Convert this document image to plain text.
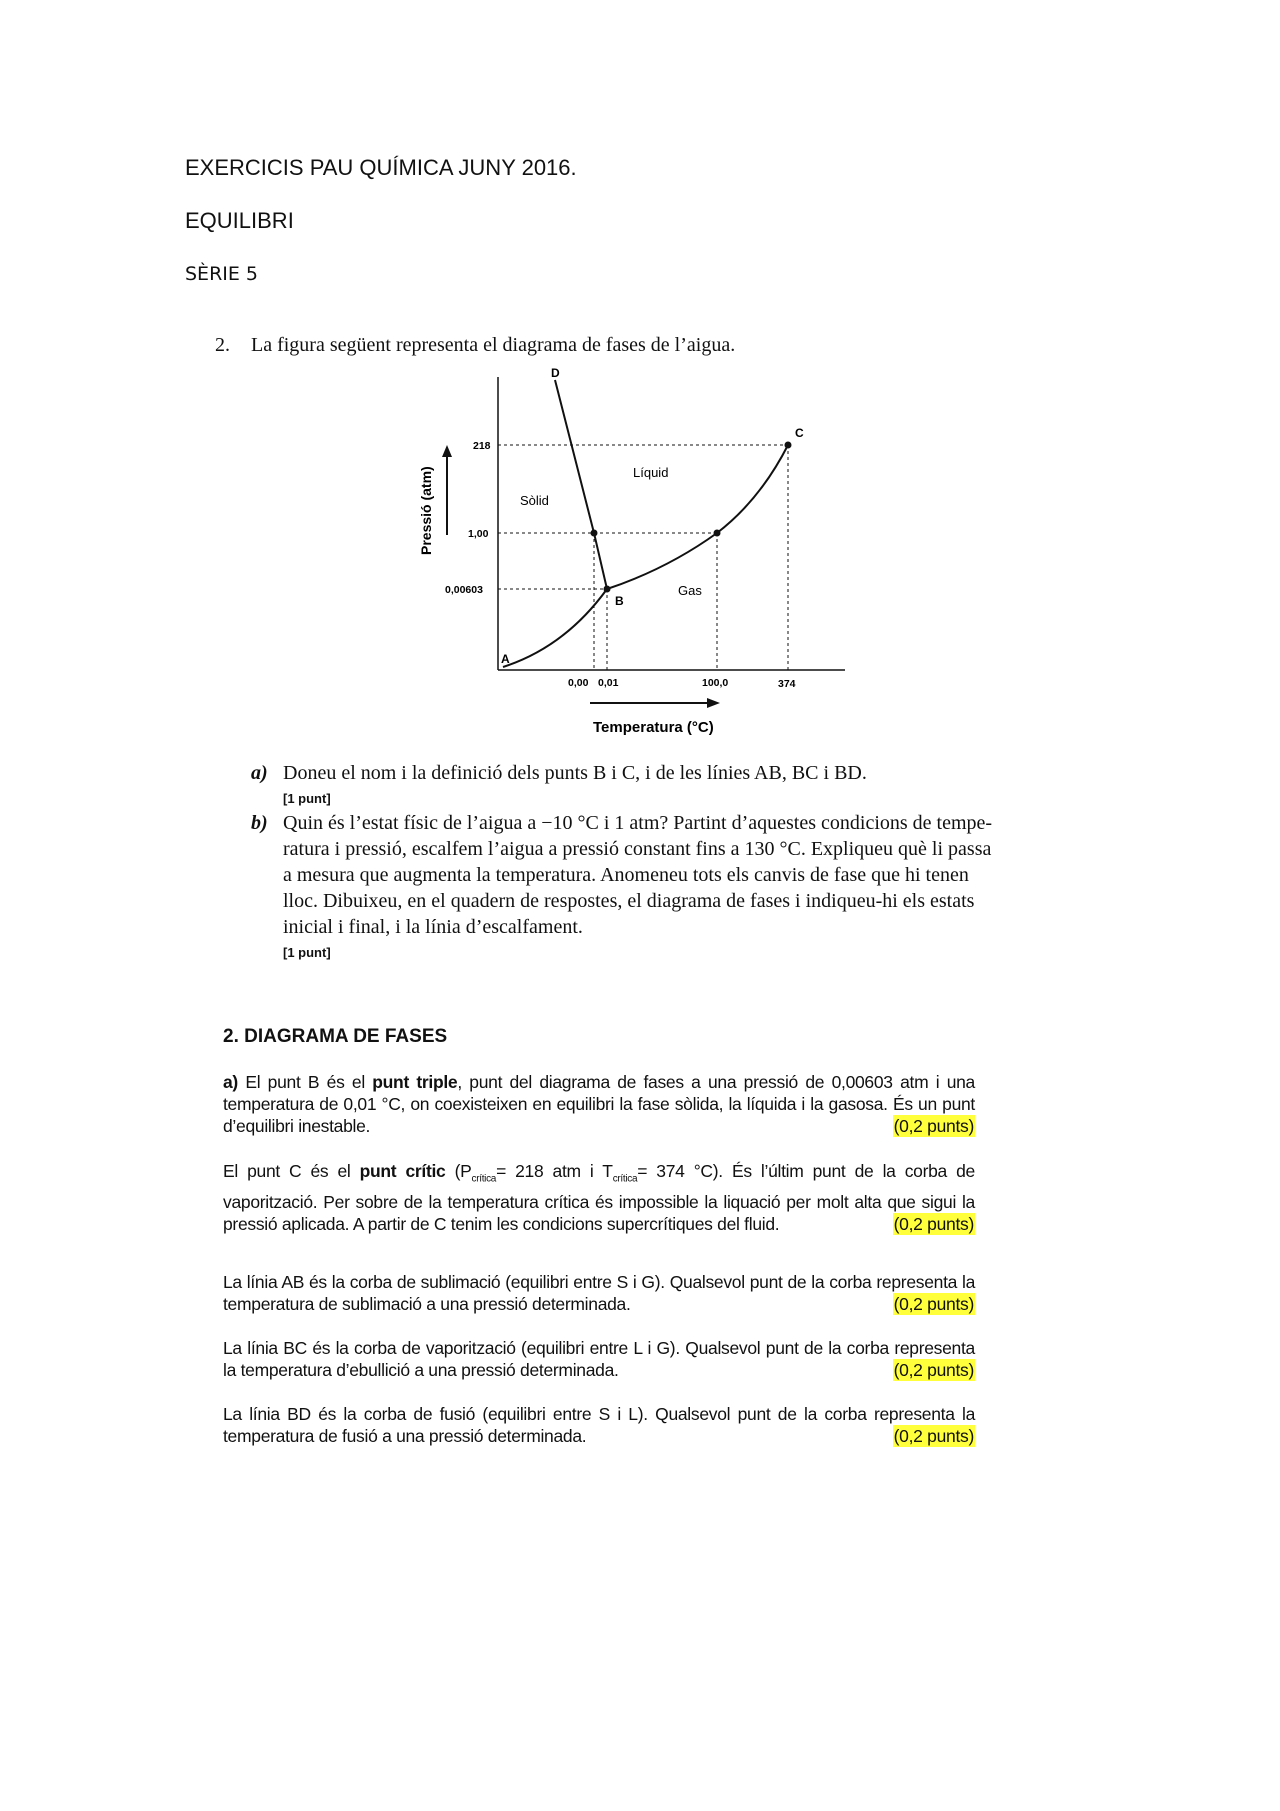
EXERCICIS PAU QUÍMICA JUNY 2016.
EQUILIBRI
SÈRIE 5
2. La figura següent representa el diagrama de fases de l’aigua.
D
C
B
A
Sòlid
Líquid
Gas
218
1,00
0,00603
0,00 0,01	100,0	374
Pressió (atm)
Temperatura (°C)
a) Doneu el nom i la definició dels punts B i C, i de les línies AB, BC i BD.
[1 punt]
b) Quin és l’estat físic de l’aigua a −10 °C i 1 atm? Partint d’aquestes condicions de tempe-
ratura i pressió, escalfem l’aigua a pressió constant fins a 130 °C. Expliqueu què li passa
a mesura que augmenta la temperatura. Anomeneu tots els canvis de fase que hi tenen
lloc. Dibuixeu, en el quadern de respostes, el diagrama de fases i indiqueu-hi els estats
inicial i final, i la línia d’escalfament.
[1 punt]
2. DIAGRAMA DE FASES
a) El punt B és el punt triple, punt del diagrama de fases a una pressió de 0,00603 atm i una temperatura de 0,01 °C, on coexisteixen en equilibri la fase sòlida, la líquida i la gasosa. És un punt d’equilibri inestable.	(0,2 punts)
El punt C és el punt crític ($P_{crítica}= 218$ atm i $T_{crítica}= 374$ °C). És l’últim punt de la corba de vaporització. Per sobre de la temperatura crítica és impossible la liquació per molt alta que sigui la pressió aplicada. A partir de C tenim les condicions supercrítiques del fluid.	(0,2 punts)
La línia AB és la corba de sublimació (equilibri entre S i G). Qualsevol punt de la corba representa la temperatura de sublimació a una pressió determinada.	(0,2 punts)
La línia BC és la corba de vaporització (equilibri entre L i G). Qualsevol punt de la corba representa la temperatura d’ebullició a una pressió determinada.	(0,2 punts)
La línia BD és la corba de fusió (equilibri entre S i L). Qualsevol punt de la corba representa la temperatura de fusió a una pressió determinada.	(0,2 punts)
